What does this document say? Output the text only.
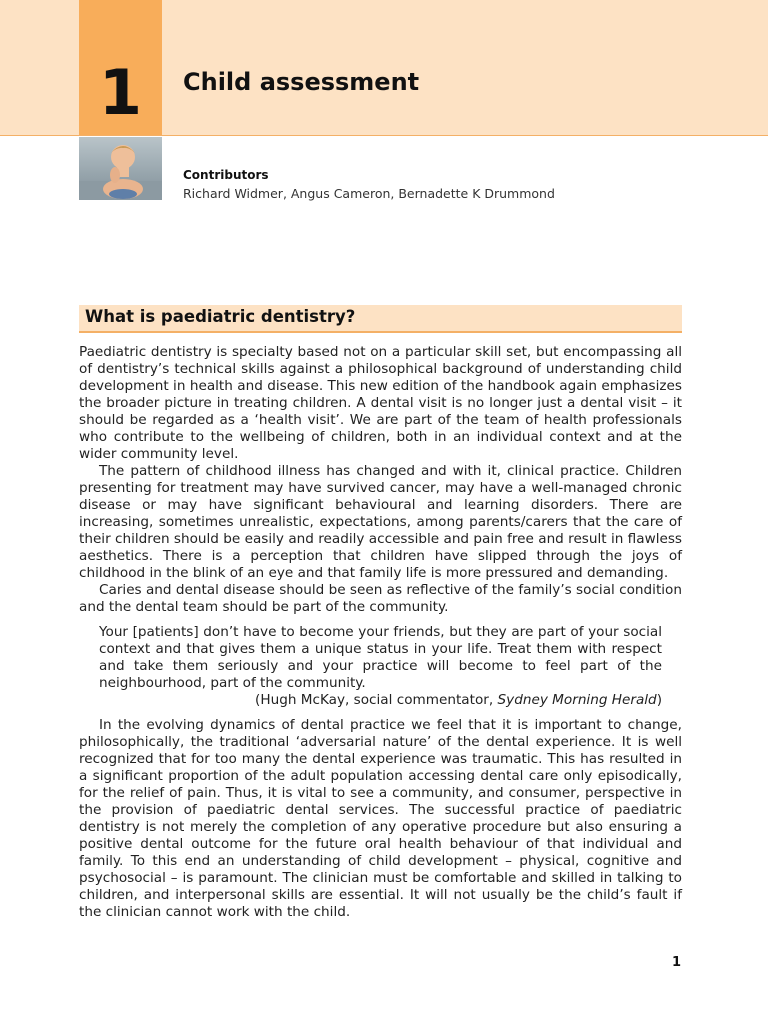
1	Child assessment
Contributors
Richard Widmer, Angus Cameron, Bernadette K Drummond
What is paediatric dentistry?

Paediatric dentistry is specialty based not on a particular skill set, but encompassing all of dentistry’s technical skills against a philosophical background of understanding child development in health and disease. This new edition of the handbook again emphasizes the broader picture in treating children. A dental visit is no longer just a dental visit – it should be regarded as a ‘health visit’. We are part of the team of health professionals who contribute to the wellbeing of children, both in an individual context and at the wider community level.

The pattern of childhood illness has changed and with it, clinical practice. Children presenting for treatment may have survived cancer, may have a well-managed chronic disease or may have significant behavioural and learning disorders. There are increasing, sometimes unrealistic, expectations, among parents/carers that the care of their children should be easily and readily accessible and pain free and result in flawless aesthetics. There is a perception that children have slipped through the joys of childhood in the blink of an eye and that family life is more pressured and demanding.

Caries and dental disease should be seen as reflective of the family’s social condition and the dental team should be part of the community.

Your [patients] don’t have to become your friends, but they are part of your social context and that gives them a unique status in your life. Treat them with respect and take them seriously and your practice will become to feel part of the neighbourhood, part of the community.
(Hugh McKay, social commentator, Sydney Morning Herald)

In the evolving dynamics of dental practice we feel that it is important to change, philosophically, the traditional ‘adversarial nature’ of the dental experience. It is well recognized that for too many the dental experience was traumatic. This has resulted in a significant proportion of the adult population accessing dental care only episodically, for the relief of pain. Thus, it is vital to see a community, and consumer, perspective in the provision of paediatric dental services. The successful practice of paediatric dentistry is not merely the completion of any operative procedure but also ensuring a positive dental outcome for the future oral health behaviour of that individual and family. To this end an understanding of child development – physical, cognitive and psychosocial – is paramount. The clinician must be comfortable and skilled in talking to children, and interpersonal skills are essential. It will not usually be the child’s fault if the clinician cannot work with the child.

1
